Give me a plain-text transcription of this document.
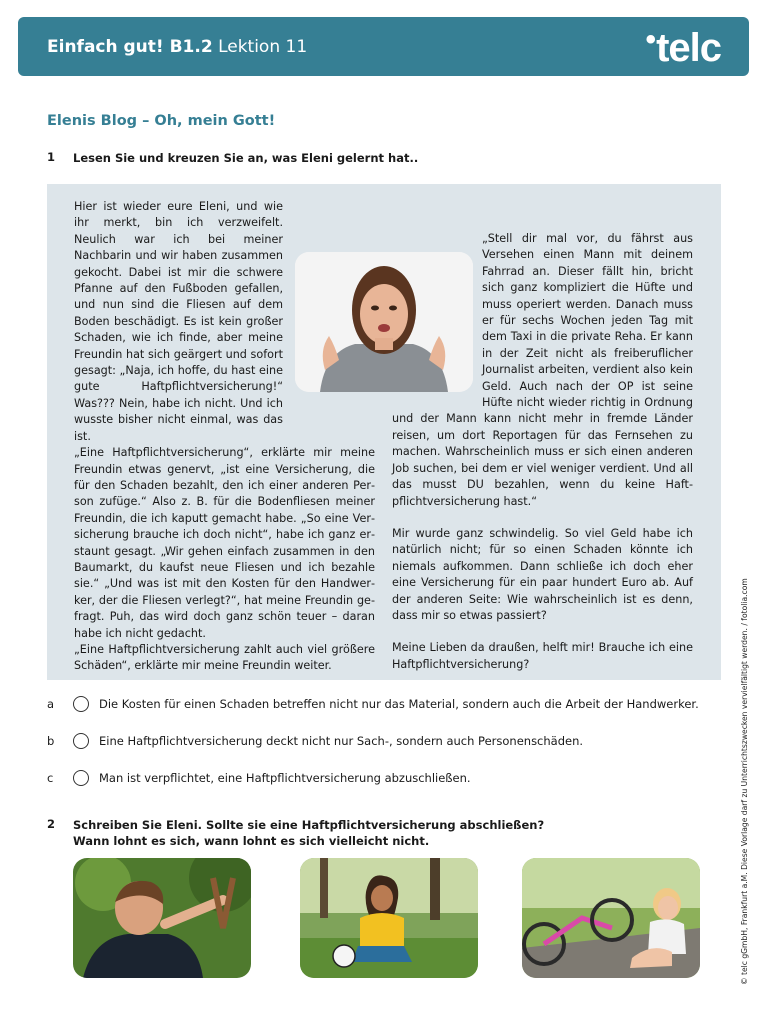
Einfach gut! B1.2 Lektion 11	•telc
Elenis Blog – Oh, mein Gott!
1 Lesen Sie und kreuzen Sie an, was Eleni gelernt hat..

Hier ist wieder eure Eleni, und wie ihr merkt, bin ich verzweifelt. Neulich war ich bei meiner Nachbarin und wir haben zusammen gekocht. Dabei ist mir die schwere Pfanne auf den Fußboden gefallen, und nun sind die Fliesen auf dem Boden beschädigt. Es ist kein großer Schaden, wie ich finde, aber meine Freundin hat sich geärgert und sofort gesagt: „Naja, ich hoffe, du hast eine gute Haftpflichtversicherung!“ Was??? Nein, habe ich nicht. Und ich wusste bisher nicht einmal, was das ist.

„Eine Haftpflichtversicherung“, erklärte mir meine Freundin etwas genervt, „ist eine Versicherung, die für den Schaden bezahlt, den ich einer anderen Person zufüge.“ Also z. B. für die Bodenfliesen meiner Freundin, die ich kaputt gemacht habe. „So eine Versicherung brauche ich doch nicht“, habe ich ganz erstaunt gesagt. „Wir gehen einfach zusammen in den Baumarkt, du kaufst neue Fliesen und ich bezahle sie.“ „Und was ist mit den Kosten für den Handwerker, der die Fliesen verlegt?“, hat meine Freundin gefragt. Puh, das wird doch ganz schön teuer – daran habe ich nicht gedacht.

„Eine Haftpflichtversicherung zahlt auch viel größere Schäden“, erklärte mir meine Freundin weiter.

„Stell dir mal vor, du fährst aus Versehen einen Mann mit deinem Fahrrad an. Dieser fällt hin, bricht sich ganz kompliziert die Hüfte und muss operiert werden. Danach muss er für sechs Wochen jeden Tag mit dem Taxi in die private Reha. Er kann in der Zeit nicht als freiberuflicher Journalist arbeiten, verdient also kein Geld. Auch nach der OP ist seine Hüfte nicht wieder richtig in Ordnung und der Mann kann nicht mehr in fremde Länder reisen, um dort Reportagen für das Fernsehen zu machen. Wahrscheinlich muss er sich einen anderen Job suchen, bei dem er viel weniger verdient. Und all das musst DU bezahlen, wenn du keine Haftpflichtversicherung hast.“

Mir wurde ganz schwindelig. So viel Geld habe ich natürlich nicht; für so einen Schaden könnte ich niemals aufkommen. Dann schließe ich doch eher eine Versicherung für ein paar hundert Euro ab. Auf der anderen Seite: Wie wahrscheinlich ist es denn, dass mir so etwas passiert?

Meine Lieben da draußen, helft mir! Brauche ich eine Haftpflichtversicherung?

a	Die Kosten für einen Schaden betreffen nicht nur das Material, sondern auch die Arbeit der Handwerker.
b	Eine Haftpflichtversicherung deckt nicht nur Sach-, sondern auch Personenschäden.
c	Man ist verpflichtet, eine Haftpflichtversicherung abzuschließen.
2 Schreiben Sie Eleni. Sollte sie eine Haftpflichtversicherung abschließen?
Wann lohnt es sich, wann lohnt es sich vielleicht nicht.	© telc gGmbH, Frankfurt a.M. Diese Vorlage darf zu Unterrichtszwecken vervielfältigt werden. / fotolia.com
